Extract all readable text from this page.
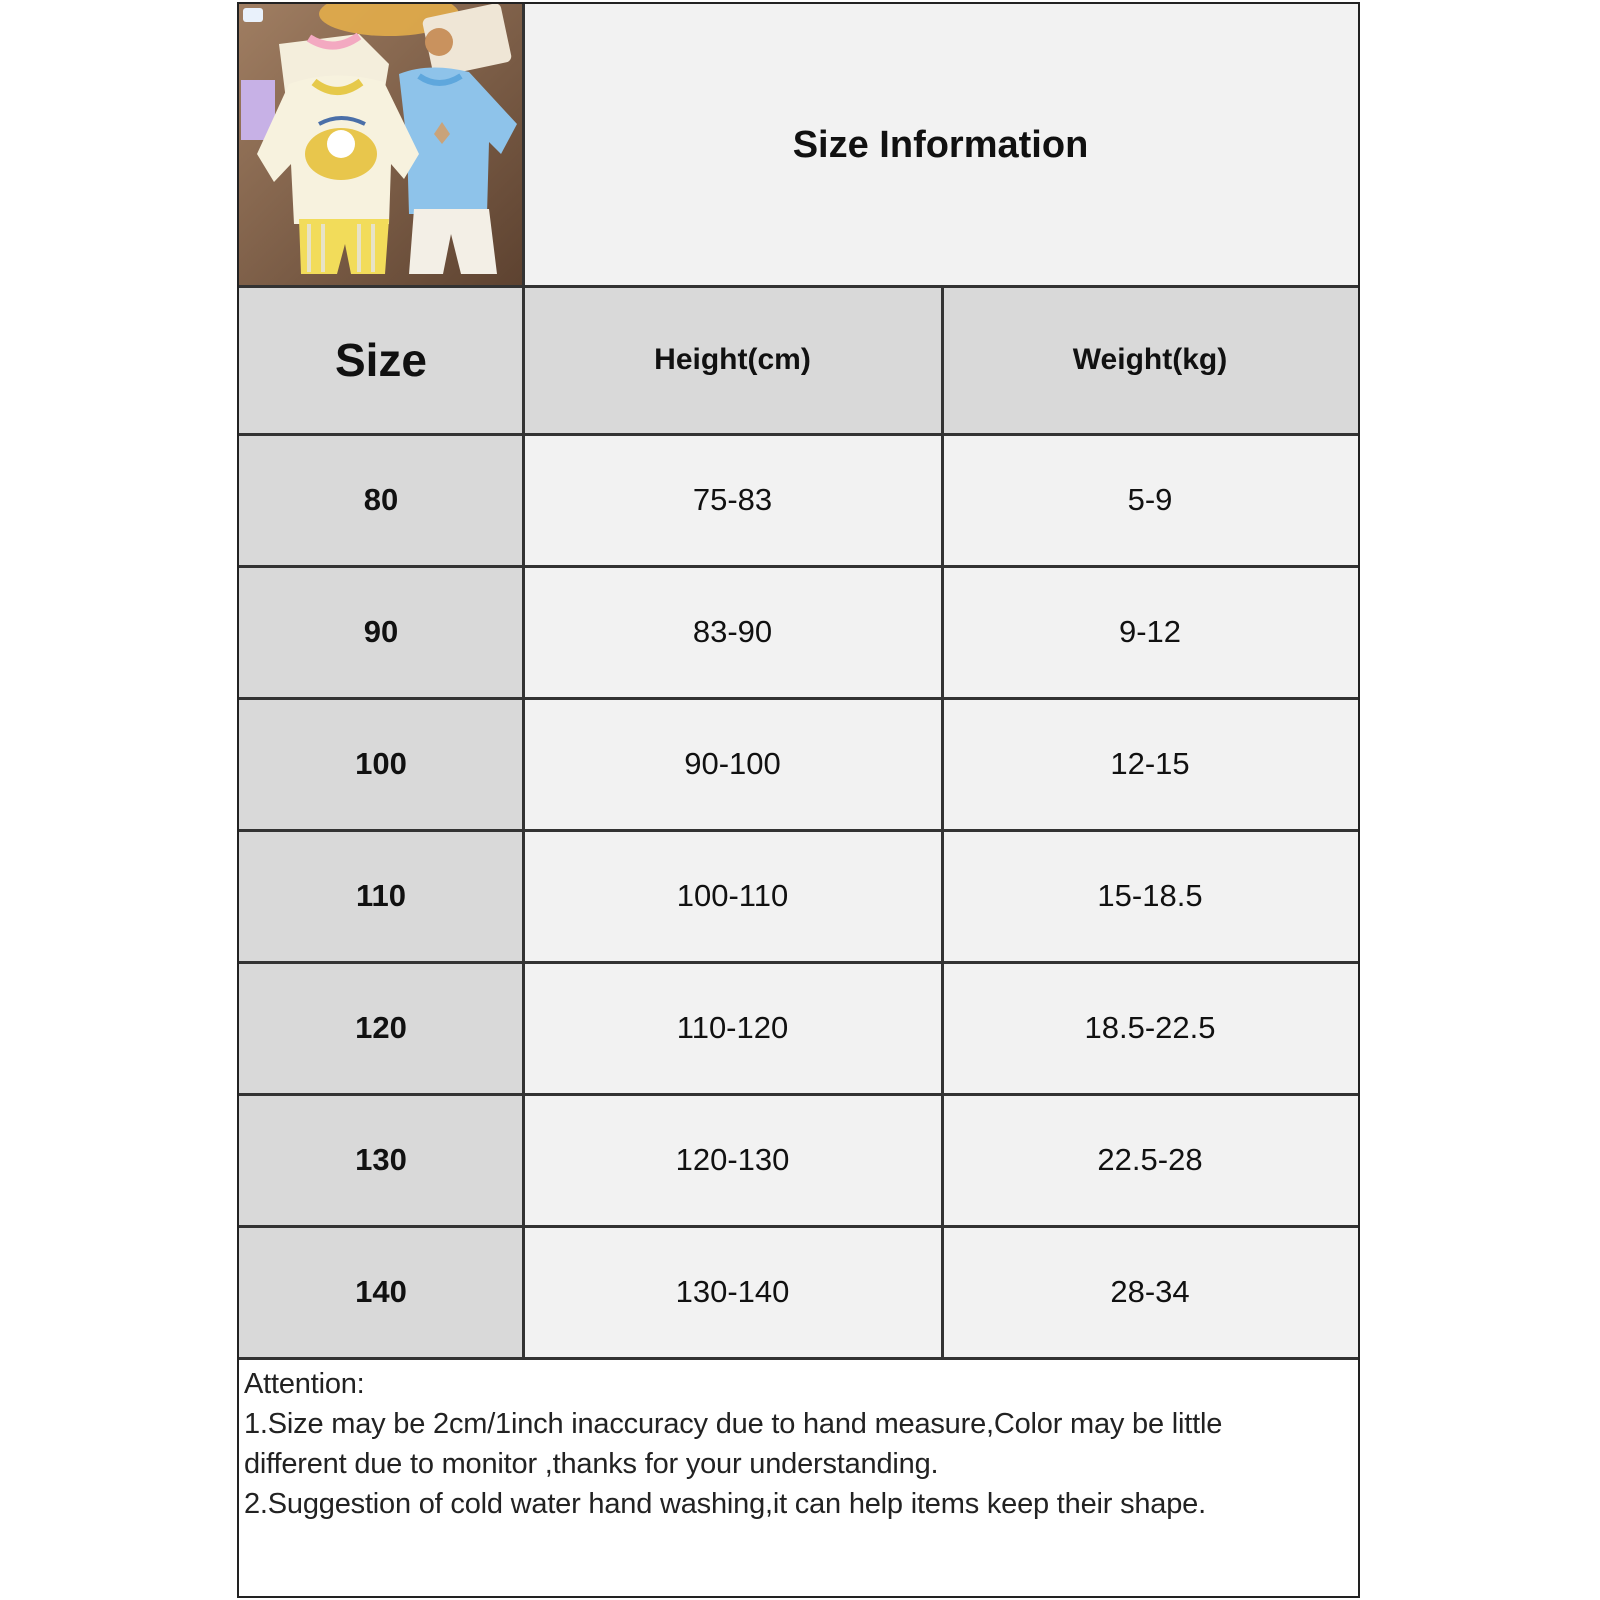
Size Information
Size	Height(cm)	Weight(kg)
80	75-83	5-9
90	83-90	9-12
100	90-100	12-15
110	100-110	15-18.5
120	110-120	18.5-22.5
130	120-130	22.5-28
140	130-140	28-34
Attention:
1.Size may be 2cm/1inch inaccuracy due to hand measure,Color may be little
different due to monitor ,thanks for your understanding.
2.Suggestion of cold water hand washing,it can help items keep their shape.
